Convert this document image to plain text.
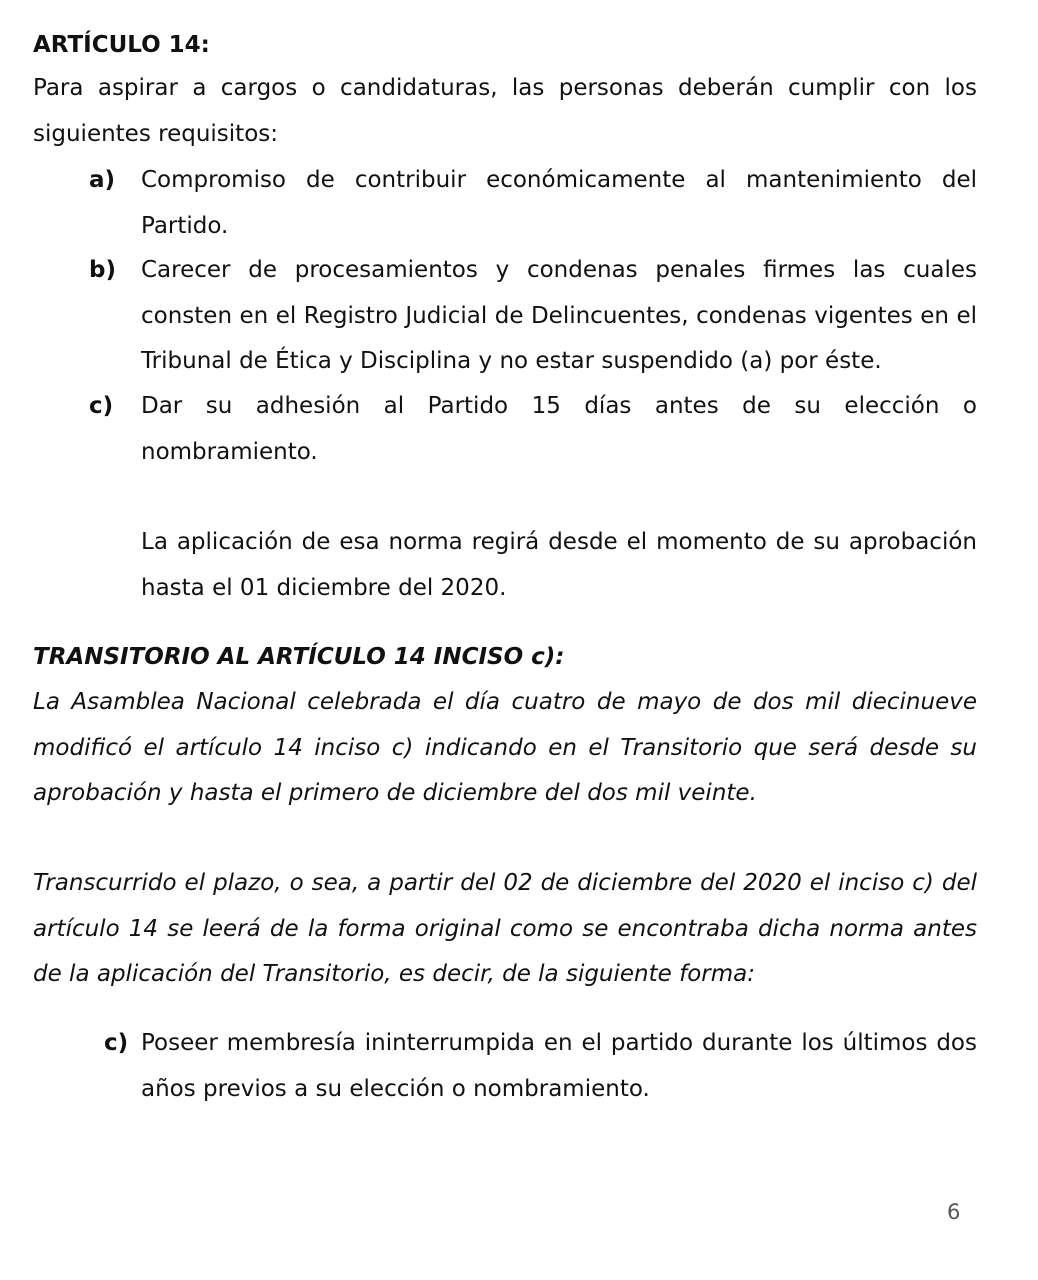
ARTÍCULO 14:

Para aspirar a cargos o candidaturas, las personas deberán cumplir con los siguientes requisitos:

a)	Compromiso de contribuir económicamente al mantenimiento del Partido.
b)	Carecer de procesamientos y condenas penales firmes las cuales consten en el Registro Judicial de Delincuentes, condenas vigentes en el Tribunal de Ética y Disciplina y no estar suspendido (a) por éste.
c)	Dar su adhesión al Partido 15 días antes de su elección o nombramiento.

La aplicación de esa norma regirá desde el momento de su aprobación hasta el 01 diciembre del 2020.

TRANSITORIO AL ARTÍCULO 14 INCISO c):

La Asamblea Nacional celebrada el día cuatro de mayo de dos mil diecinueve modificó el artículo 14 inciso c) indicando en el Transitorio que será desde su aprobación y hasta el primero de diciembre del dos mil veinte.

Transcurrido el plazo, o sea, a partir del 02 de diciembre del 2020 el inciso c) del artículo 14 se leerá de la forma original como se encontraba dicha norma antes de la aplicación del Transitorio, es decir, de la siguiente forma:

c) Poseer membresía ininterrumpida en el partido durante los últimos dos años previos a su elección o nombramiento.
6
